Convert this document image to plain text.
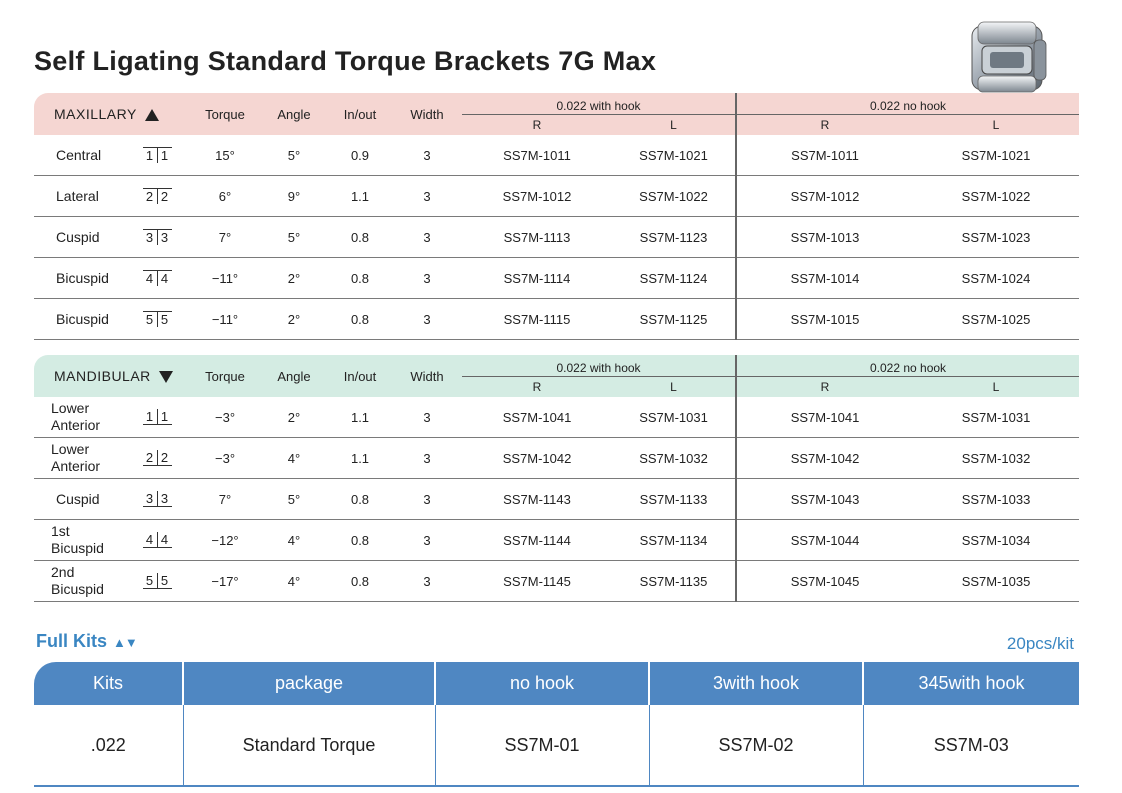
Self Ligating Standard Torque Brackets 7G Max
MAXILLARY		Torque	Angle	In/out	Width	0.022 with hook		0.022 no hook	
						R	L	R	L
Central	1 1	15°	5°	0.9	3	SS7M-1011	SS7M-1021	SS7M-1011	SS7M-1021
Lateral	2 2	6°	9°	1.1	3	SS7M-1012	SS7M-1022	SS7M-1012	SS7M-1022
Cuspid	3 3	7°	5°	0.8	3	SS7M-1113	SS7M-1123	SS7M-1013	SS7M-1023
Bicuspid	4 4	−11°	2°	0.8	3	SS7M-1114	SS7M-1124	SS7M-1014	SS7M-1024
Bicuspid	5 5	−11°	2°	0.8	3	SS7M-1115	SS7M-1125	SS7M-1015	SS7M-1025
MANDIBULAR		Torque	Angle	In/out	Width	0.022 with hook		0.022 no hook	
						R	L	R	L
Lower
Anterior	1 1	−3°	2°	1.1	3	SS7M-1041	SS7M-1031	SS7M-1041	SS7M-1031
Lower
Anterior	2 2	−3°	4°	1.1	3	SS7M-1042	SS7M-1032	SS7M-1042	SS7M-1032
Cuspid	3 3	7°	5°	0.8	3	SS7M-1143	SS7M-1133	SS7M-1043	SS7M-1033
1st
Bicuspid	4 4	−12°	4°	0.8	3	SS7M-1144	SS7M-1134	SS7M-1044	SS7M-1034
2nd
Bicuspid	5 5	−17°	4°	0.8	3	SS7M-1145	SS7M-1135	SS7M-1045	SS7M-1035
Full Kits ▲▼	20pcs/kit
Kits	package	no hook	3with hook	345with hook
.022	Standard Torque	SS7M-01	SS7M-02	SS7M-03
